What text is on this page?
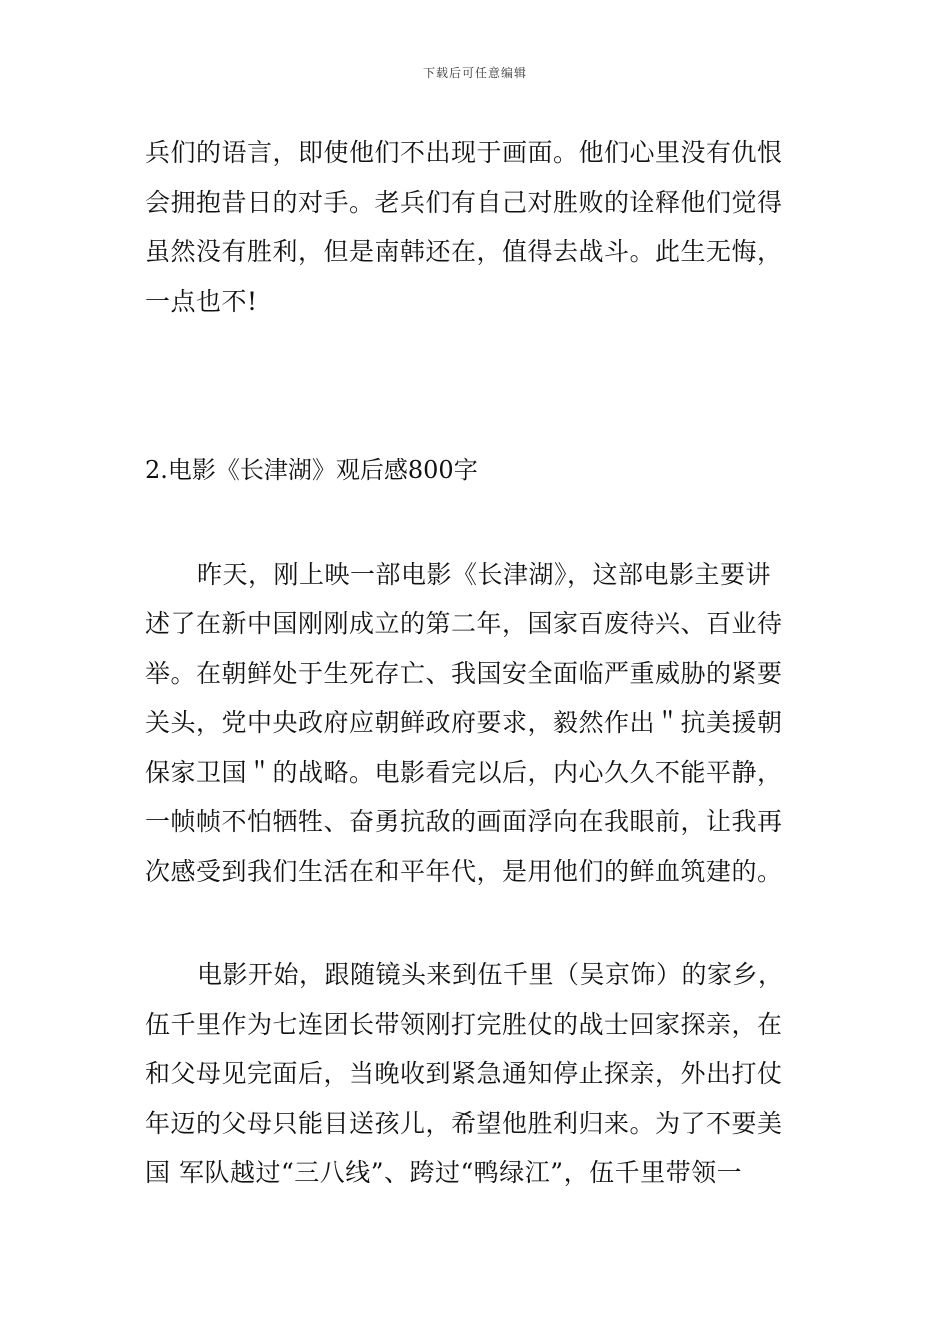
下载后可任意编辑
兵们的语言，即使他们不出现于画面。他们心里没有仇恨
会拥抱昔日的对手。老兵们有自己对胜败的诠释他们觉得
虽然没有胜利，但是南韩还在，值得去战斗。此生无悔，
一点也不!
2.电影《长津湖》观后感800字
昨天，刚上映一部电影《长津湖》，这部电影主要讲
述了在新中国刚刚成立的第二年，国家百废待兴、百业待
举。在朝鲜处于生死存亡、我国安全面临严重威胁的紧要
关头，党中央政府应朝鲜政府要求，毅然作出＂抗美援朝
保家卫国＂的战略。电影看完以后，内心久久不能平静，
一帧帧不怕牺牲、奋勇抗敌的画面浮向在我眼前，让我再
次感受到我们生活在和平年代，是用他们的鲜血筑建的。
电影开始，跟随镜头来到伍千里（吴京饰）的家乡，
伍千里作为七连团长带领刚打完胜仗的战士回家探亲，在
和父母见完面后，当晚收到紧急通知停止探亲，外出打仗
年迈的父母只能目送孩儿，希望他胜利归来。为了不要美
国 军队越过“三八线”、跨过“鸭绿江”，伍千里带领一
